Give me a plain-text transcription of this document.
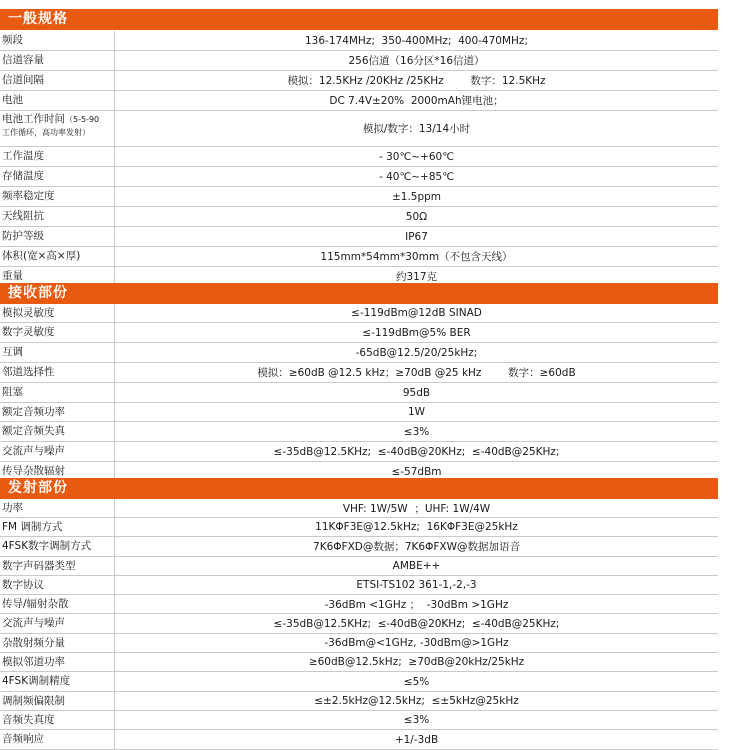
一般规格
频段	136-174MHz;  350-400MHz;  400-470MHz;
信道容量	256信道（16分区*16信道）
信道间隔	模拟：12.5KHz /20KHz /25KHz        数字：12.5KHz
电池	DC 7.4V±20%  2000mAh锂电池；
电池工作时间（5-5-90
工作循环，高功率发射）	模拟/数字：13/14小时
工作温度	- 30℃~+60℃
存储温度	- 40℃~+85℃
频率稳定度	±1.5ppm
天线阻抗	50Ω
防护等级	IP67
体积(宽×高×厚)	115mm*54mm*30mm（不包含天线）
重量	约317克
接收部份
模拟灵敏度	≤-119dBm@12dB SINAD
数字灵敏度	≤-119dBm@5% BER
互调	-65dB@12.5/20/25kHz;
邻道选择性	模拟：≥60dB @12.5 kHz；≥70dB @25 kHz        数字：≥60dB
阻塞	95dB
额定音频功率	1W
额定音频失真	≤3%
交流声与噪声	≤-35dB@12.5KHz;  ≤-40dB@20KHz;  ≤-40dB@25KHz;
传导杂散辐射	≤-57dBm
发射部份
功率	VHF: 1W/5W  ；UHF: 1W/4W
FM 调制方式	11KΦF3E@12.5kHz;  16KΦF3E@25kHz
4FSK数字调制方式	7K6ΦFXD@数据；7K6ΦFXW@数据加语音
数字声码器类型	AMBE++
数字协议	ETSI-TS102 361-1,-2,-3
传导/辐射杂散	-36dBm <1GHz ；  -30dBm >1GHz
交流声与噪声	≤-35dB@12.5KHz;  ≤-40dB@20KHz;  ≤-40dB@25KHz;
杂散射频分量	-36dBm@<1GHz, -30dBm@>1GHz
模拟邻道功率	≥60dB@12.5kHz;  ≥70dB@20kHz/25kHz
4FSK调制精度	≤5%
调制频偏限制	≤±2.5kHz@12.5kHz;  ≤±5kHz@25kHz
音频失真度	≤3%
音频响应	+1/-3dB
